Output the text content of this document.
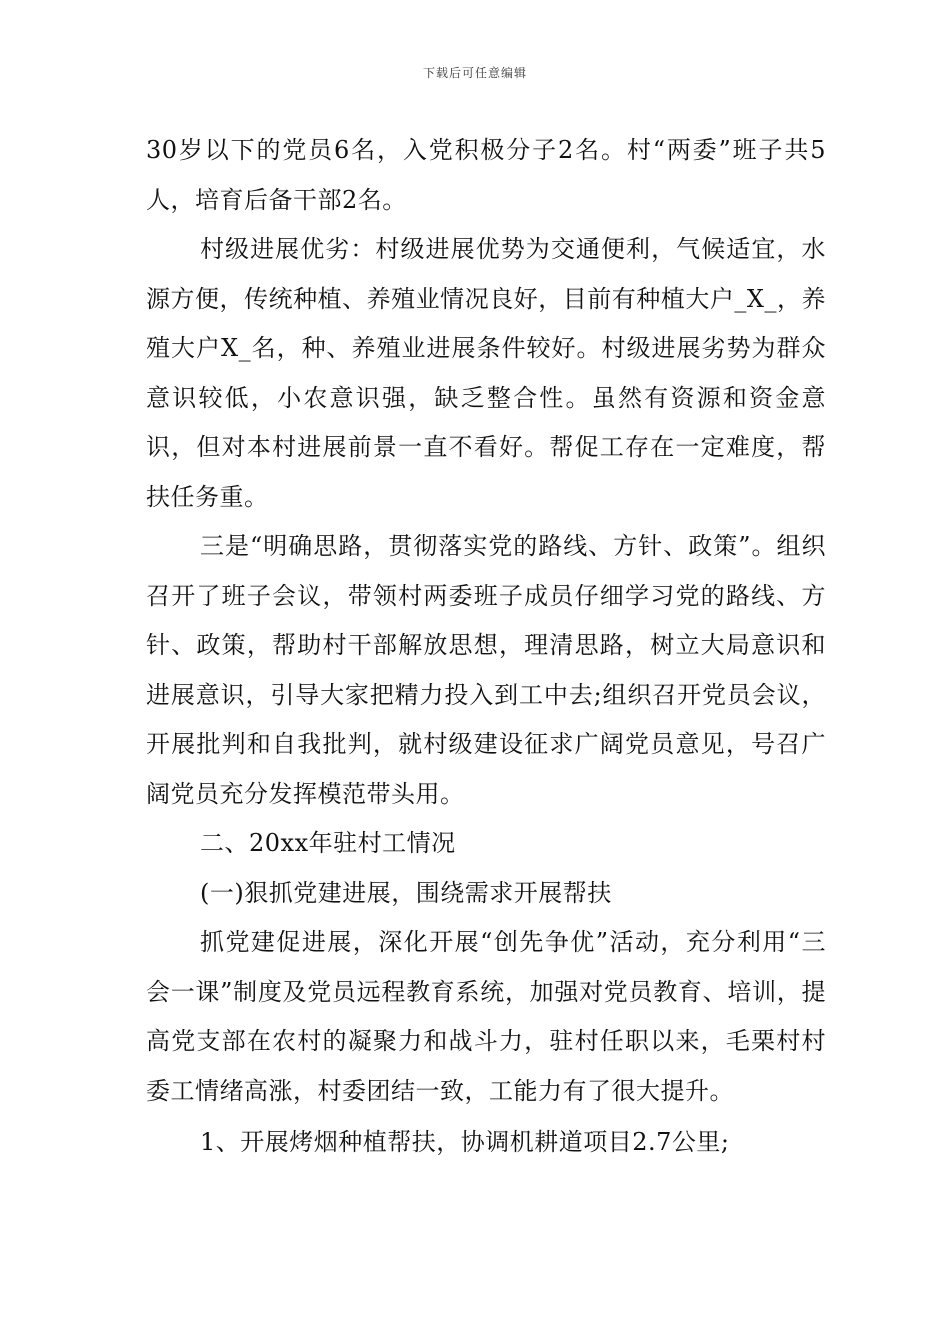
下载后可任意编辑

30岁以下的党员6名，入党积极分子2名。村“两委”班子共5人，培育后备干部2名。

村级进展优劣：村级进展优势为交通便利，气候适宜，水源方便，传统种植、养殖业情况良好，目前有种植大户_X_，养殖大户X_名，种、养殖业进展条件较好。村级进展劣势为群众意识较低，小农意识强，缺乏整合性。虽然有资源和资金意识，但对本村进展前景一直不看好。帮促工存在一定难度，帮扶任务重。

三是“明确思路，贯彻落实党的路线、方针、政策”。组织召开了班子会议，带领村两委班子成员仔细学习党的路线、方针、政策，帮助村干部解放思想，理清思路，树立大局意识和进展意识，引导大家把精力投入到工中去;组织召开党员会议，开展批判和自我批判，就村级建设征求广阔党员意见，号召广阔党员充分发挥模范带头用。

二、20xx年驻村工情况

(一)狠抓党建进展，围绕需求开展帮扶

抓党建促进展，深化开展“创先争优”活动，充分利用“三会一课”制度及党员远程教育系统，加强对党员教育、培训，提高党支部在农村的凝聚力和战斗力，驻村任职以来，毛栗村村委工情绪高涨，村委团结一致，工能力有了很大提升。

1、开展烤烟种植帮扶，协调机耕道项目2.7公里;
